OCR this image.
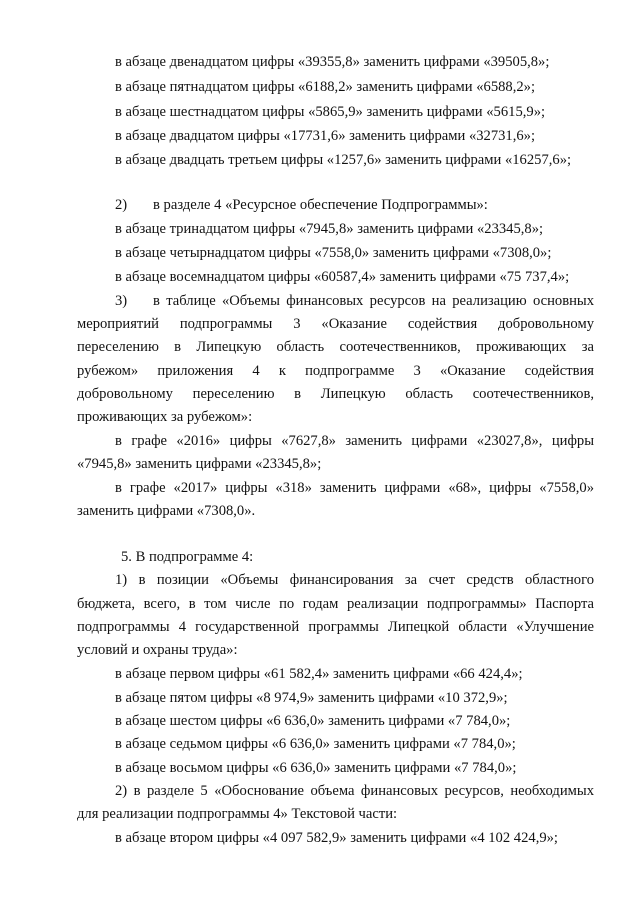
в абзаце двенадцатом цифры «39355,8» заменить цифрами «39505,8»;
в абзаце пятнадцатом цифры «6188,2» заменить цифрами «6588,2»;
в абзаце шестнадцатом цифры «5865,9» заменить цифрами «5615,9»;
в абзаце двадцатом цифры «17731,6» заменить цифрами «32731,6»;
в абзаце двадцать третьем цифры «1257,6» заменить цифрами «16257,6»;
2) в разделе 4 «Ресурсное обеспечение Подпрограммы»:
в абзаце тринадцатом цифры «7945,8» заменить цифрами «23345,8»;
в абзаце четырнадцатом цифры «7558,0» заменить цифрами «7308,0»;
в абзаце восемнадцатом цифры «60587,4» заменить цифрами «75 737,4»;
3) в таблице «Объемы финансовых ресурсов на реализацию основных
мероприятий подпрограммы 3 «Оказание содействия добровольному
переселению в Липецкую область соотечественников, проживающих за
рубежом» приложения 4 к подпрограмме 3 «Оказание содействия
добровольному переселению в Липецкую область соотечественников,
проживающих за рубежом»:
в графе «2016» цифры «7627,8» заменить цифрами «23027,8», цифры
«7945,8» заменить цифрами «23345,8»;
в графе «2017» цифры «318» заменить цифрами «68», цифры «7558,0»
заменить цифрами «7308,0».
5. В подпрограмме 4:
1) в позиции «Объемы финансирования за счет средств областного
бюджета, всего, в том числе по годам реализации подпрограммы» Паспорта
подпрограммы 4 государственной программы Липецкой области «Улучшение
условий и охраны труда»:
в абзаце первом цифры «61 582,4» заменить цифрами «66 424,4»;
в абзаце пятом цифры «8 974,9» заменить цифрами «10 372,9»;
в абзаце шестом цифры «6 636,0» заменить цифрами «7 784,0»;
в абзаце седьмом цифры «6 636,0» заменить цифрами «7 784,0»;
в абзаце восьмом цифры «6 636,0» заменить цифрами «7 784,0»;
2) в разделе 5 «Обоснование объема финансовых ресурсов, необходимых
для реализации подпрограммы 4» Текстовой части:
в абзаце втором цифры «4 097 582,9» заменить цифрами «4 102 424,9»;
